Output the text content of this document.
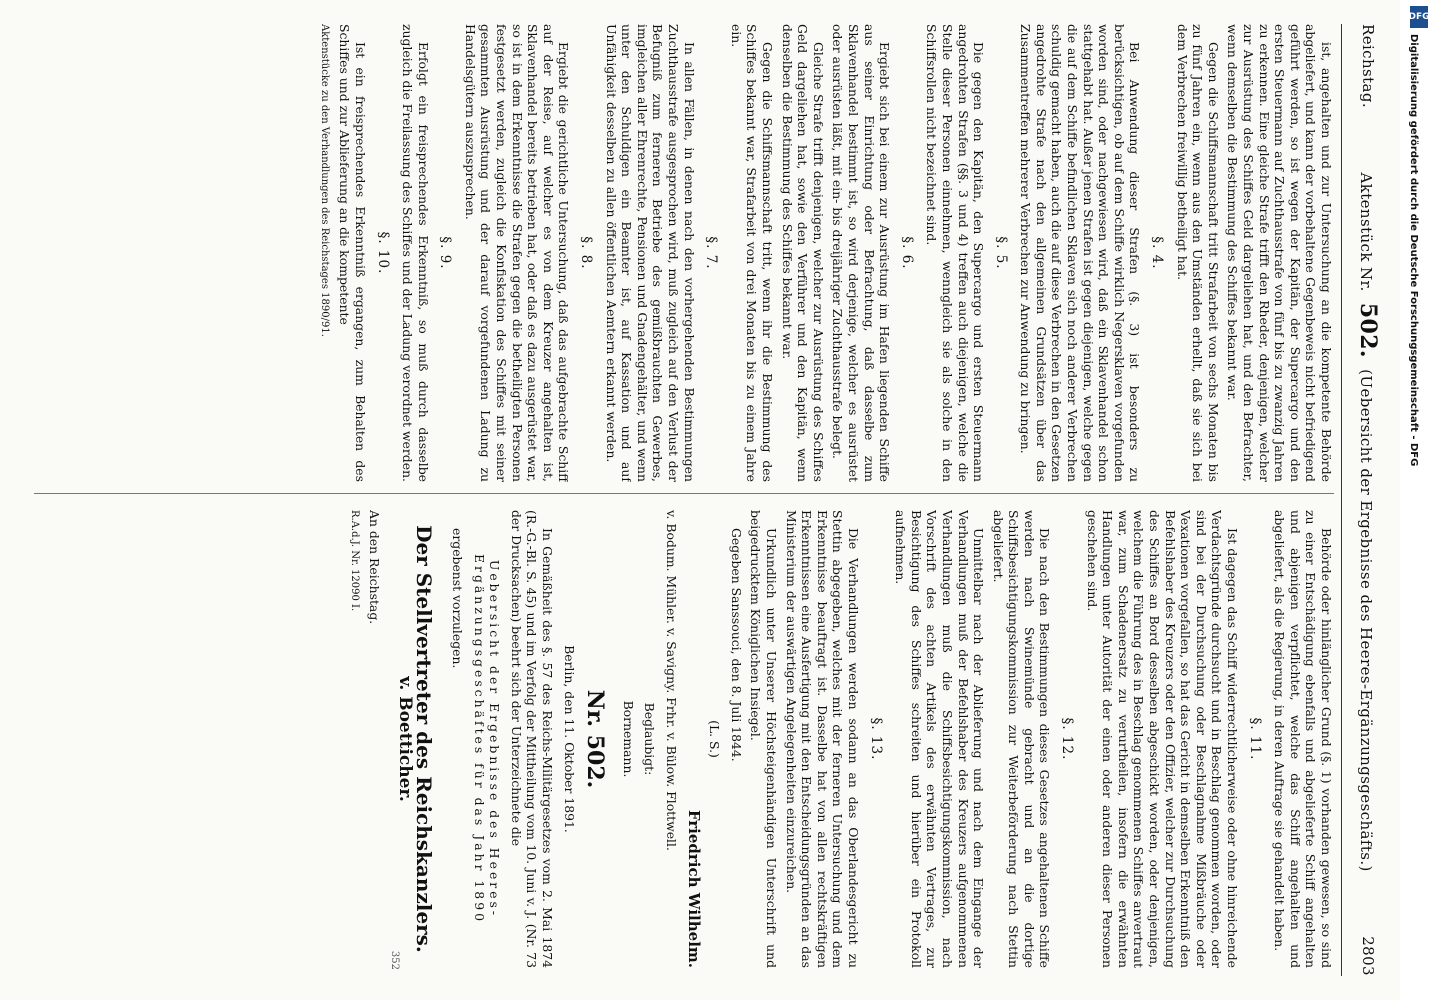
Reichstag.
Aktenstück Nr. 502. (Uebersicht der Ergebnisse des Heeres-Ergänzungsgeschäfts.)
2803

ist, angehalten und zur Untersuchung an die kompetente Behörde abgeliefert, und kann der vorbehaltene Gegenbeweis nicht befriedigend geführt werden, so ist wegen der Kapitän, der Supercargo und den ersten Steuermann auf Zuchthausstrafe von fünf bis zu zwanzig Jahren zu erkennen. Eine gleiche Strafe trifft den Rheder, denjenigen, welcher zur Ausrüstung des Schiffes Geld dargeliehen hat, und den Befrachter, wenn demselben die Bestimmung des Schiffes bekannt war.

Gegen die Schiffsmannschaft tritt Strafarbeit von sechs Monaten bis zu fünf Jahren ein, wenn aus den Umständen erhellt, daß sie sich bei dem Verbrechen freiwillig betheiligt hat.

§. 4.

Bei Anwendung dieser Strafen (§. 3) ist besonders zu berücksichtigen, ob auf dem Schiffe wirklich Negersklaven vorgefunden worden sind, oder nachgewiesen wird, daß ein Sklavenhandel schon stattgehabt hat. Außer jenen Strafen ist gegen diejenigen, welche gegen die auf dem Schiffe befindlichen Sklaven sich noch anderer Verbrechen schuldig gemacht haben, auch die auf diese Verbrechen in den Gesetzen angedrohte Strafe nach den allgemeinen Grundsätzen über das Zusammentreffen mehrerer Verbrechen zur Anwendung zu bringen.

§. 5.

Die gegen den Kapitän, den Supercargo und ersten Steuermann angedrohten Strafen (§§. 3 und 4) treffen auch diejenigen, welche die Stelle dieser Personen einnehmen, wenngleich sie als solche in den Schiffsrollen nicht bezeichnet sind.

§. 6.

Ergiebt sich bei einem zur Ausrüstung im Hafen liegenden Schiffe aus seiner Einrichtung oder Befrachtung, daß dasselbe zum Sklavenhandel bestimmt ist, so wird derjenige, welcher es ausrüstet oder ausrüsten läßt, mit ein- bis dreijähriger Zuchthausstrafe belegt.

Gleiche Strafe trifft denjenigen, welcher zur Ausrüstung des Schiffes Geld dargeliehen hat, sowie den Verführer und den Kapitän, wenn denselben die Bestimmung des Schiffes bekannt war.

Gegen die Schiffsmannschaft tritt, wenn ihr die Bestimmung des Schiffes bekannt war, Strafarbeit von drei Monaten bis zu einem Jahre ein.

§. 7.

In allen Fällen, in denen nach den vorhergehenden Bestimmungen Zuchthausstrafe ausgesprochen wird, muß zugleich auf den Verlust der Befugniß zum ferneren Betriebe des gemißbrauchten Gewerbes, imgleichen aller Ehrenrechte, Pensionen und Gnadengehälter, und wenn unter den Schuldigen ein Beamter ist, auf Kassation und auf Unfähigkeit desselben zu allen öffentlichen Aemtern erkannt werden.

§. 8.

Ergiebt die gerichtliche Untersuchung, daß das aufgebrachte Schiff auf der Reise, auf welcher es von dem Kreuzer angehalten ist, Sklavenhandel bereits betrieben hat, oder daß es dazu ausgerüstet war, so ist in dem Erkenntnisse die Strafen gegen die betheiligten Personen festgesetzt werden, zugleich die Konfiskation des Schiffes mit seiner gesammten Ausrüstung und der darauf vorgefundenen Ladung zu Handelsgütern auszusprechen.

§. 9.

Erfolgt ein freisprechendes Erkenntniß, so muß durch dasselbe zugleich die Freilassung des Schiffes und der Ladung verordnet werden.

§. 10.

Ist ein freisprechendes Erkenntniß ergangen, zum Behalten des Schiffes und zur Ablieferung an die kompetente

Aktenstücke zu den Verhandlungen des Reichstages 1890/91.

Behörde oder hinlänglicher Grund (§. 1) vorhanden gewesen, so sind zu einer Entschädigung ebenfalls und abgelieferte Schiff angehalten und abjenigen verpflichtet, welche das Schiff angehalten und abgeliefert, als die Regierung, in deren Auftrage sie gehandelt haben.

§. 11.

Ist dagegen das Schiff widerrechtlicherweise oder ohne hinreichende Verdachtsgründe durchsucht und in Beschlag genommen worden, oder sind bei der Durchsuchung oder Beschlagnahme Mißbräuche oder Vexationen vorgefallen, so hat das Gericht in demselben Erkenntniß den Befehlshaber des Kreuzers oder den Offizier, welcher zur Durchsuchung des Schiffes an Bord desselben abgeschickt worden, oder denjenigen, welchem die Führung des in Beschlag genommenen Schiffes anvertraut war, zum Schadenersatz zu verurtheilen, insofern die erwähnten Handlungen unter Autorität der einen oder anderen dieser Personen geschehen sind.

§. 12.

Die nach den Bestimmungen dieses Gesetzes angehaltenen Schiffe werden nach Swinemünde gebracht und an die dortige Schiffsbesichtigungskommission zur Weiterbeförderung nach Stettin abgeliefert.

Unmittelbar nach der Ablieferung und nach dem Eingange der Verhandlungen muß der Befehlshaber des Kreuzers aufgenommenen Verhandlungen muß die Schiffsbesichtigungskommission, nach Vorschrift des achten Artikels des erwähnten Vertrages, zur Besichtigung des Schiffes schreiten und hierüber ein Protokoll aufnehmen.

§. 13.

Die Verhandlungen werden sodann an das Oberlandesgericht zu Stettin abgegeben, welches mit der ferneren Untersuchung und dem Erkenntnisse beauftragt ist. Dasselbe hat von allen rechtskräftigen Erkenntnissen eine Ausfertigung mit den Entscheidungsgründen an das Ministerium der auswärtigen Angelegenheiten einzureichen.

Urkundlich unter Unserer Höchsteigenhändigen Unterschrift und beigedrucktem Königlichen Insiegel.

Gegeben Sanssouci, den 8. Juli 1844.

(L. S.)

Friedrich Wilhelm.

v. Bodum. Mühler. v. Savigny. Frhr. v. Bülow. Flottwell.

Beglaubigt:

Bornemann.

Nr. 502.

Berlin, den 11. Oktober 1891.

In Gemäßheit des §. 57 des Reichs-Militärgesetzes vom 2. Mai 1874 (R.-G.-Bl. S. 45) und im Verfolg der Mittheilung vom 10. Juni v. J. (Nr. 73 der Drucksachen) beehrt sich der Unterzeichnete die

Uebersicht der Ergebnisse des Heeres-Ergänzungsgeschäftes für das Jahr 1890

ergebenst vorzulegen.

Der Stellvertreter des Reichskanzlers.

v. Boetticher.

An den Reichstag.

R.A.d.J. Nr. 12090 I.

352
DFG
Digitalisierung gefördert durch die Deutsche Forschungsgemeinschaft - DFG
